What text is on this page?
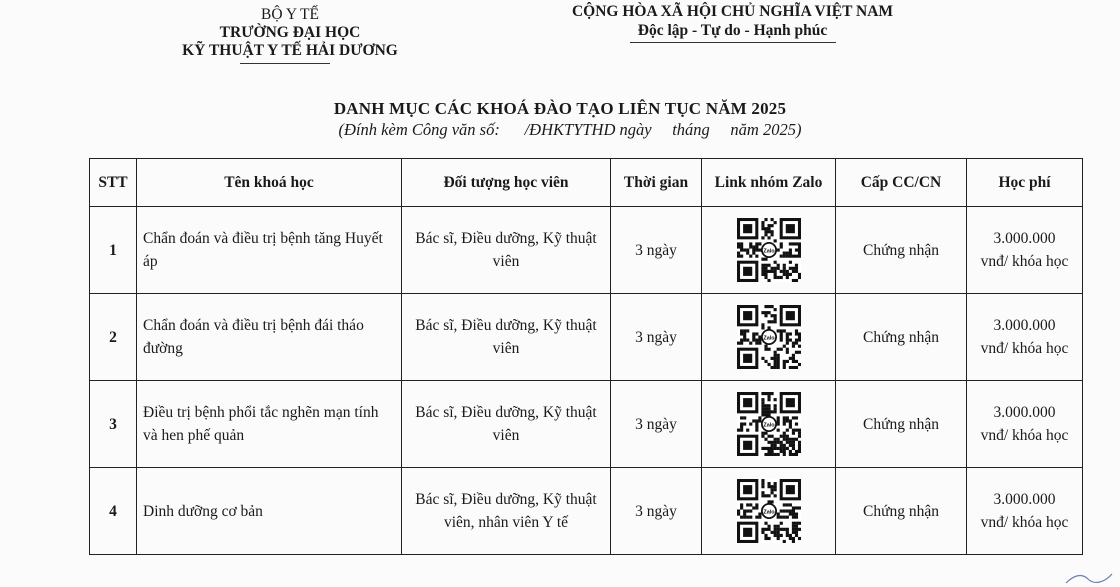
BỘ Y TẾ
TRƯỜNG ĐẠI HỌC
KỸ THUẬT Y TẾ HẢI DƯƠNG
CỘNG HÒA XÃ HỘI CHỦ NGHĨA VIỆT NAM
Độc lập - Tự do - Hạnh phúc
DANH MỤC CÁC KHOÁ ĐÀO TẠO LIÊN TỤC NĂM 2025
(Đính kèm Công văn số:      /ĐHKTYTHD ngày     tháng     năm 2025)
STT	Tên khoá học	Đối tượng học viên	Thời gian	Link nhóm Zalo	Cấp CC/CN	Học phí
1	Chẩn đoán và điều trị bệnh tăng Huyết áp	Bác sĩ, Điều dưỡng, Kỹ thuật viên	3 ngày	Zalo	Chứng nhận	3.000.000
vnđ/ khóa học
2	Chẩn đoán và điều trị bệnh đái tháo đường	Bác sĩ, Điều dưỡng, Kỹ thuật viên	3 ngày	Zalo	Chứng nhận	3.000.000
vnđ/ khóa học
3	Điều trị bệnh phổi tắc nghẽn mạn tính và hen phế quản	Bác sĩ, Điều dưỡng, Kỹ thuật viên	3 ngày	Zalo	Chứng nhận	3.000.000
vnđ/ khóa học
4	Dinh dưỡng cơ bản	Bác sĩ, Điều dưỡng, Kỹ thuật viên, nhân viên Y tế	3 ngày	Zalo	Chứng nhận	3.000.000
vnđ/ khóa học
